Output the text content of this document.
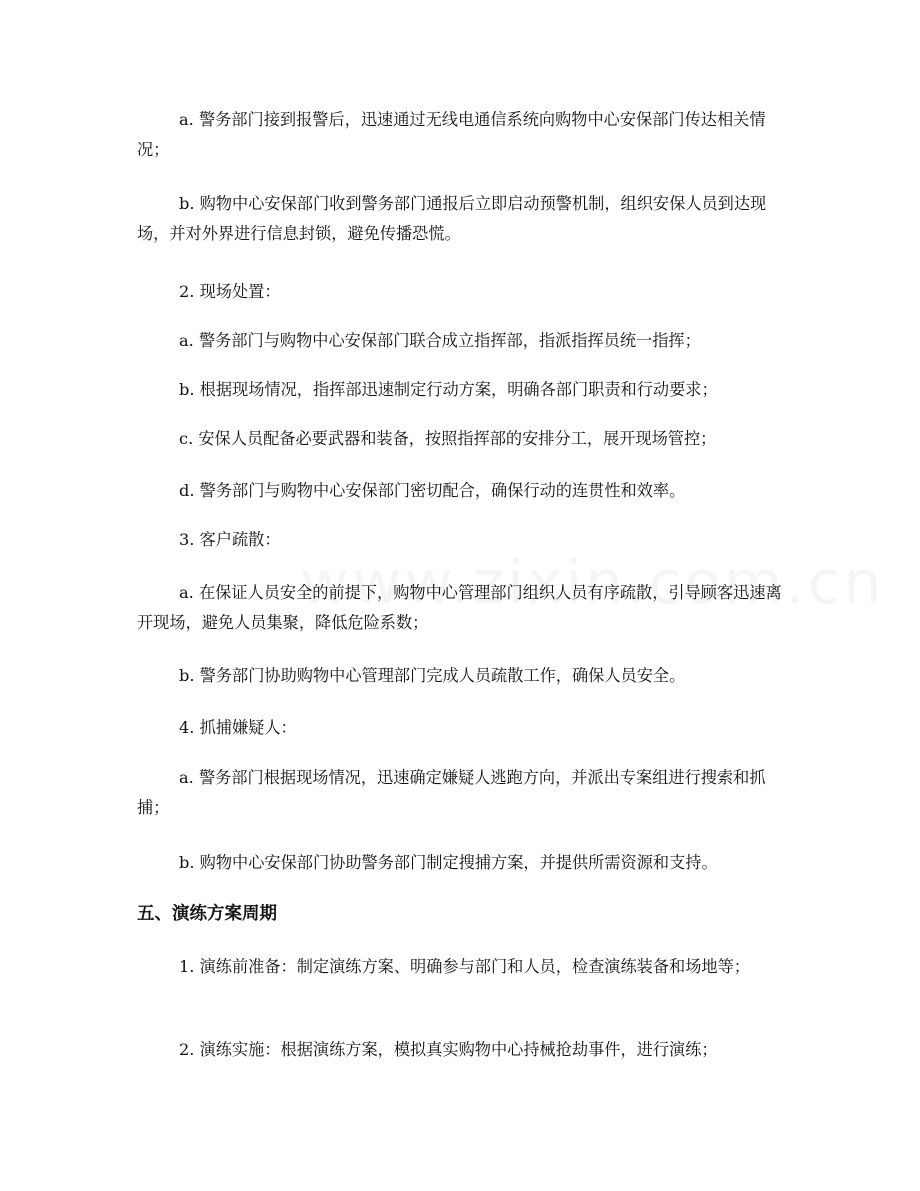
a. 警务部门接到报警后，迅速通过无线电通信系统向购物中心安保部门传达相关情况；

b. 购物中心安保部门收到警务部门通报后立即启动预警机制，组织安保人员到达现场，并对外界进行信息封锁，避免传播恐慌。

2. 现场处置：

a. 警务部门与购物中心安保部门联合成立指挥部，指派指挥员统一指挥；

b. 根据现场情况，指挥部迅速制定行动方案，明确各部门职责和行动要求；

c. 安保人员配备必要武器和装备，按照指挥部的安排分工，展开现场管控；

d. 警务部门与购物中心安保部门密切配合，确保行动的连贯性和效率。

3. 客户疏散：

a. 在保证人员安全的前提下，购物中心管理部门组织人员有序疏散，引导顾客迅速离开现场，避免人员集聚，降低危险系数；

b. 警务部门协助购物中心管理部门完成人员疏散工作，确保人员安全。

4. 抓捕嫌疑人：

a. 警务部门根据现场情况，迅速确定嫌疑人逃跑方向，并派出专案组进行搜索和抓捕；

b. 购物中心安保部门协助警务部门制定搜捕方案，并提供所需资源和支持。

五、演练方案周期

1. 演练前准备：制定演练方案、明确参与部门和人员，检查演练装备和场地等；

2. 演练实施：根据演练方案，模拟真实购物中心持械抢劫事件，进行演练；
